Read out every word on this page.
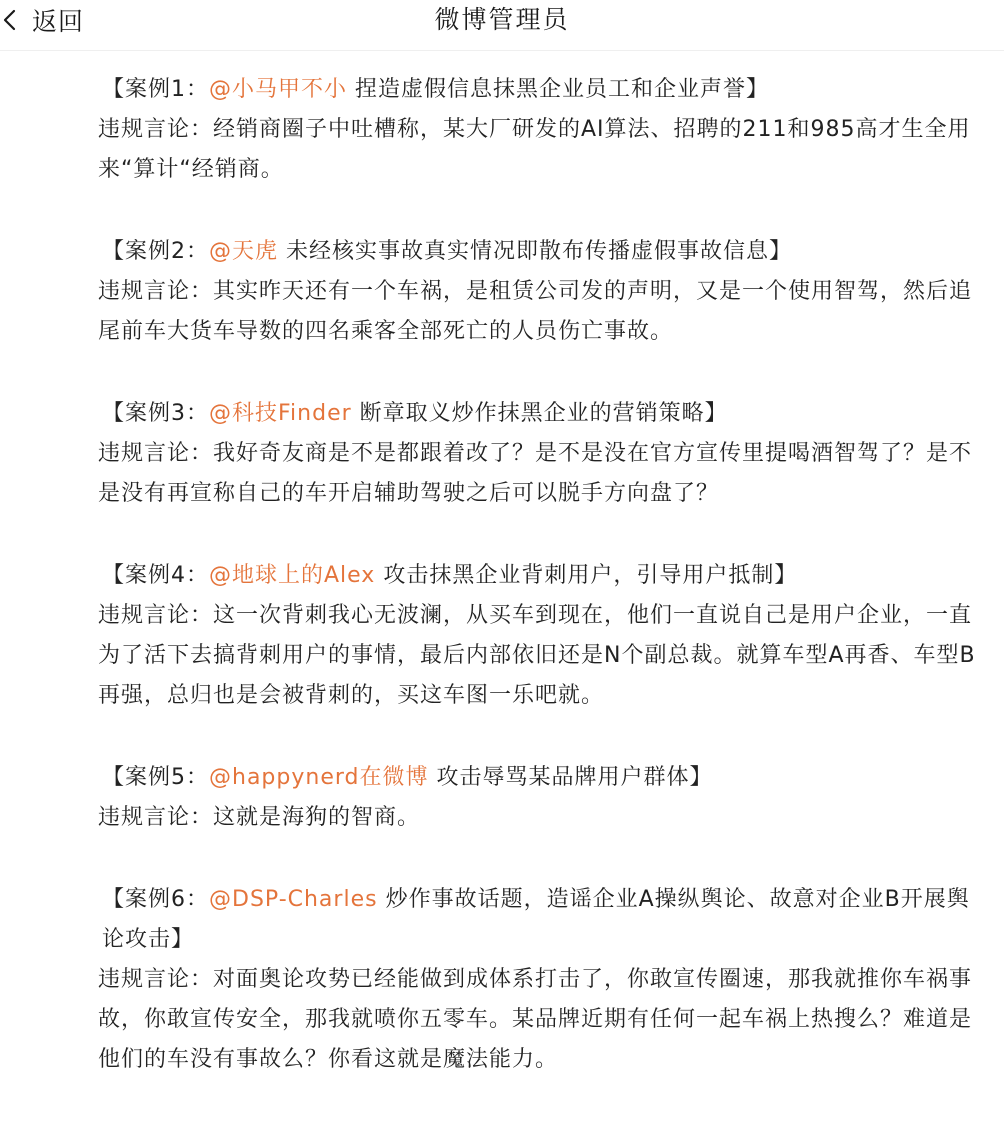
返回	微博管理员

【案例1：@小马甲不小 捏造虚假信息抹黑企业员工和企业声誉】

违规言论：经销商圈子中吐槽称，某大厂研发的AI算法、招聘的211和985高才生全用来“算计“经销商。

【案例2：@天虎 未经核实事故真实情况即散布传播虚假事故信息】

违规言论：其实昨天还有一个车祸，是租赁公司发的声明，又是一个使用智驾，然后追尾前车大货车导数的四名乘客全部死亡的人员伤亡事故。

【案例3：@科技Finder 断章取义炒作抹黑企业的营销策略】

违规言论：我好奇友商是不是都跟着改了？是不是没在官方宣传里提喝酒智驾了？是不是没有再宣称自己的车开启辅助驾驶之后可以脱手方向盘了？

【案例4：@地球上的Alex 攻击抹黑企业背刺用户，引导用户抵制】

违规言论：这一次背刺我心无波澜，从买车到现在，他们一直说自己是用户企业，一直为了活下去搞背刺用户的事情，最后内部依旧还是N个副总裁。就算车型A再香、车型B再强，总归也是会被背刺的，买这车图一乐吧就。

【案例5：@happynerd在微博 攻击辱骂某品牌用户群体】

违规言论：这就是海狗的智商。

【案例6：@DSP-Charles 炒作事故话题，造谣企业A操纵舆论、故意对企业B开展舆论攻击】

违规言论：对面奥论攻势已经能做到成体系打击了，你敢宣传圈速，那我就推你车祸事故，你敢宣传安全，那我就喷你五零车。某品牌近期有任何一起车祸上热搜么？难道是他们的车没有事故么？你看这就是魔法能力。
